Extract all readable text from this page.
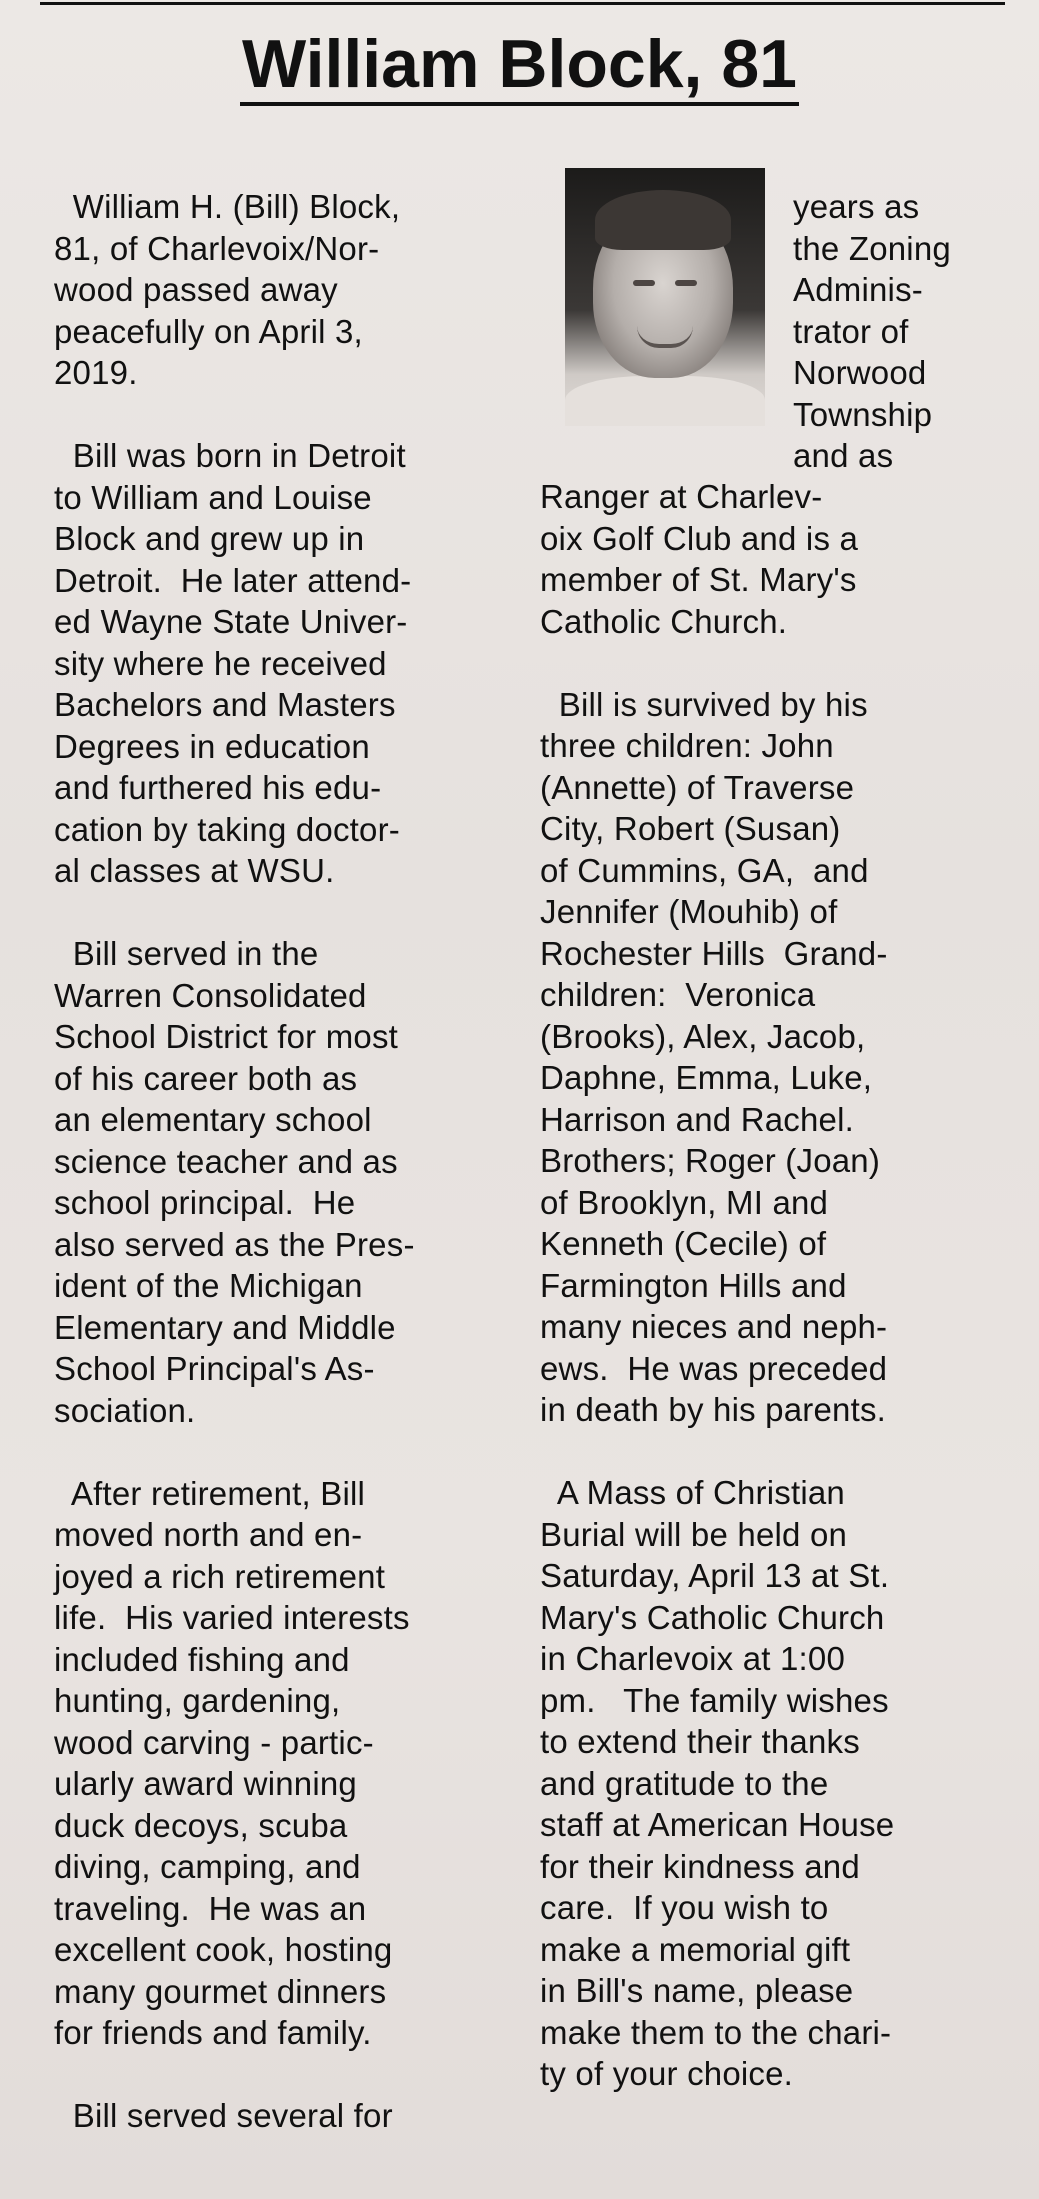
William Block, 81
William H. (Bill) Block,
81, of Charlevoix/Nor-
wood passed away
peacefully on April 3,
2019.
Bill was born in Detroit
to William and Louise
Block and grew up in
Detroit.  He later attend-
ed Wayne State Univer-
sity where he received
Bachelors and Masters
Degrees in education
and furthered his edu-
cation by taking doctor-
al classes at WSU.
Bill served in the
Warren Consolidated
School District for most
of his career both as
an elementary school
science teacher and as
school principal.  He
also served as the Pres-
ident of the Michigan
Elementary and Middle
School Principal's As-
sociation.
After retirement, Bill
moved north and en-
joyed a rich retirement
life.  His varied interests
included fishing and
hunting, gardening,
wood carving - partic-
ularly award winning
duck decoys, scuba
diving, camping, and
traveling.  He was an
excellent cook, hosting
many gourmet dinners
for friends and family.
Bill served several for
years as
the Zoning
Adminis-
trator of
Norwood
Township
and as
Ranger at Charlev-
oix Golf Club and is a
member of St. Mary's
Catholic Church.
Bill is survived by his
three children: John
(Annette) of Traverse
City, Robert (Susan)
of Cummins, GA,  and
Jennifer (Mouhib) of
Rochester Hills  Grand-
children:  Veronica
(Brooks), Alex, Jacob,
Daphne, Emma, Luke,
Harrison and Rachel.
Brothers; Roger (Joan)
of Brooklyn, MI and
Kenneth (Cecile) of
Farmington Hills and
many nieces and neph-
ews.  He was preceded
in death by his parents.
A Mass of Christian
Burial will be held on
Saturday, April 13 at St.
Mary's Catholic Church
in Charlevoix at 1:00
pm.   The family wishes
to extend their thanks
and gratitude to the
staff at American House
for their kindness and
care.  If you wish to
make a memorial gift
in Bill's name, please
make them to the chari-
ty of your choice.
